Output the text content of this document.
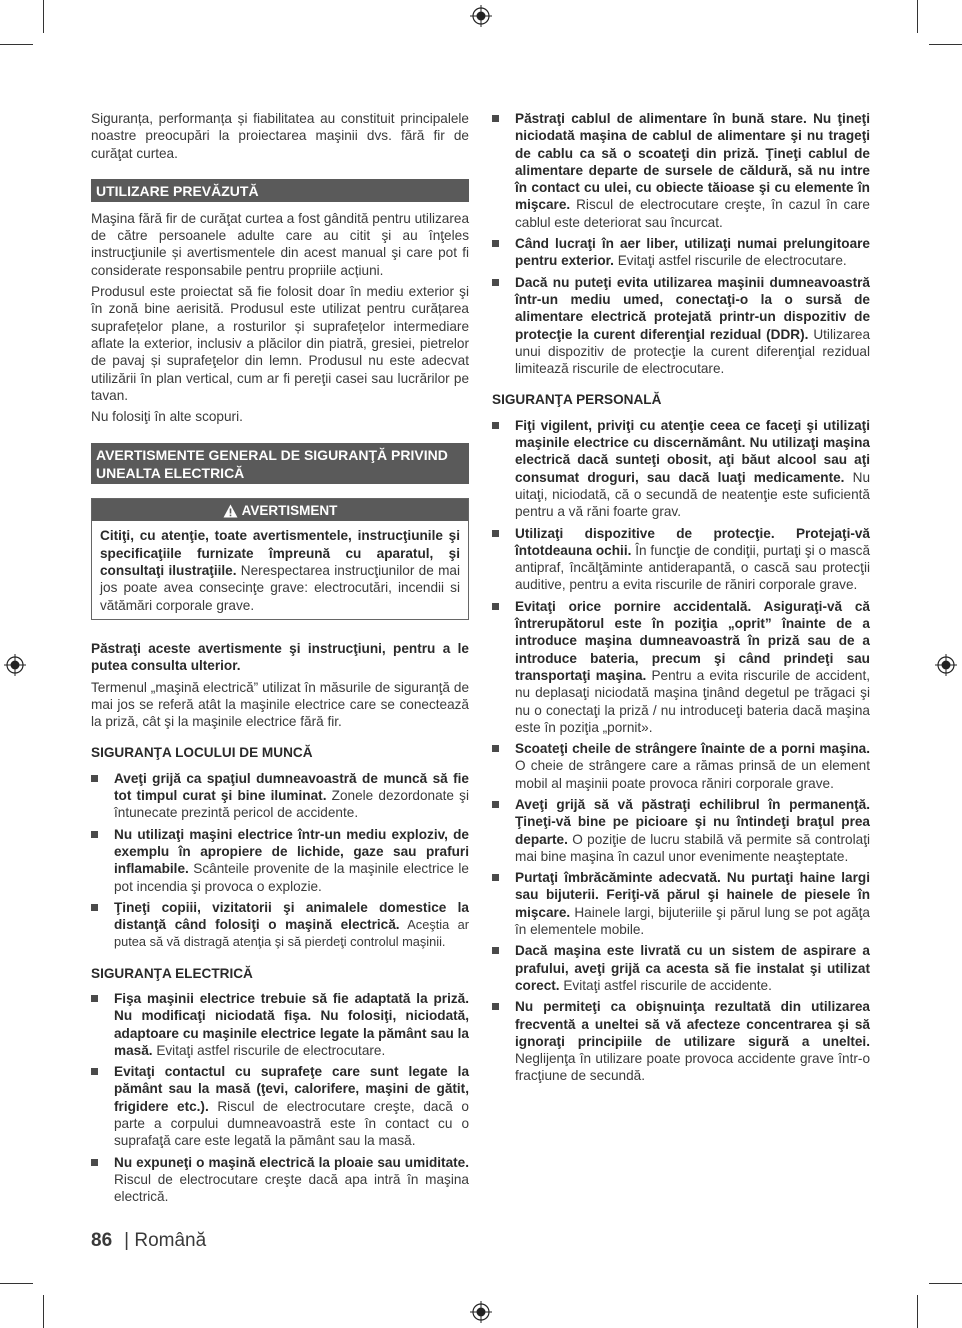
Siguranța, performanța și fiabilitatea au constituit principalele noastre preocupări la proiectarea maşinii dvs. fără fir de curăţat curtea.

UTILIZARE PREVĂZUTĂ

Maşina fără fir de curăţat curtea a fost gândită pentru utilizarea de către persoanele adulte care au citit şi au înţeles instrucţiunile și avertismentele din acest manual şi care pot fi considerate responsabile pentru propriile acțiuni.

Produsul este proiectat să fie folosit doar în mediu exterior şi în zonă bine aerisită. Produsul este utilizat pentru curățarea suprafețelor plane, a rosturilor și suprafețelor intermediare aflate la exterior, inclusiv a plăcilor din piatră, gresiei, pietrelor de pavaj și suprafeţelor din lemn. Produsul nu este adecvat utilizării în plan vertical, cum ar fi pereţii casei sau lucrărilor pe tavan.

Nu folosiţi în alte scopuri.

AVERTISMENTE GENERAL DE SIGURANŢĂ PRIVIND UNEALTA ELECTRICĂ
AVERTISMENT
Citiţi, cu atenţie, toate avertismentele, instrucţiunile şi specificaţiile furnizate împreună cu aparatul, şi consultaţi ilustraţiile. Nerespectarea instrucţiunilor de mai jos poate avea consecinţe grave: electrocutări, incendii si vătămări corporale grave.

Păstraţi aceste avertismente şi instrucţiuni, pentru a le putea consulta ulterior.

Termenul „maşină electrică” utilizat în măsurile de siguranţă de mai jos se referă atât la maşinile electrice care se conectează la priză, cât şi la maşinile electrice fără fir.

SIGURANŢA LOCULUI DE MUNCĂ
Aveţi grijă ca spaţiul dumneavoastră de muncă să fie tot timpul curat şi bine iluminat. Zonele dezordonate şi întunecate prezintă pericol de accidente.
Nu utilizaţi maşini electrice într-un mediu exploziv, de exemplu în apropiere de lichide, gaze sau prafuri inflamabile. Scânteile provenite de la maşinile electrice le pot incendia şi provoca o explozie.
Ţineţi copiii, vizitatorii şi animalele domestice la distanţă când folosiţi o maşină electrică. Aceştia ar putea să vă distragă atenţia şi să pierdeţi controlul maşinii.
SIGURANŢA ELECTRICĂ
Fişa maşinii electrice trebuie să fie adaptată la priză. Nu modificaţi niciodată fişa. Nu folosiţi, niciodată, adaptoare cu maşinile electrice legate la pământ sau la masă. Evitaţi astfel riscurile de electrocutare.
Evitaţi contactul cu suprafeţe care sunt legate la pământ sau la masă (ţevi, calorifere, maşini de gătit, frigidere etc.). Riscul de electrocutare creşte, dacă o parte a corpului dumneavoastră este în contact cu o suprafaţă care este legată la pământ sau la masă.
Nu expuneţi o maşină electrică la ploaie sau umiditate. Riscul de electrocutare creşte dacă apa intră în maşina electrică.
Păstraţi cablul de alimentare în bună stare. Nu ţineţi niciodată maşina de cablul de alimentare şi nu trageţi de cablu ca să o scoateţi din priză. Ţineţi cablul de alimentare departe de sursele de căldură, să nu intre în contact cu ulei, cu obiecte tăioase şi cu elemente în mişcare. Riscul de electrocutare creşte, în cazul în care cablul este deteriorat sau încurcat.
Când lucraţi în aer liber, utilizaţi numai prelungitoare pentru exterior. Evitaţi astfel riscurile de electrocutare.
Dacă nu puteţi evita utilizarea maşinii dumneavoastră într-un mediu umed, conectaţi-o la o sursă de alimentare electrică protejată printr-un dispozitiv de protecţie la curent diferenţial rezidual (DDR). Utilizarea unui dispozitiv de protecţie la curent diferenţial rezidual limitează riscurile de electrocutare.
SIGURANŢA PERSONALĂ
Fiţi vigilent, priviţi cu atenţie ceea ce faceţi şi utilizaţi maşinile electrice cu discernământ. Nu utilizaţi maşina electrică dacă sunteţi obosit, aţi băut alcool sau aţi consumat droguri, sau dacă luaţi medicamente. Nu uitaţi, niciodată, că o secundă de neatenţie este suficientă pentru a vă răni foarte grav.
Utilizaţi dispozitive de protecţie. Protejaţi-vă întotdeauna ochii. În funcţie de condiţii, purtaţi şi o mască antipraf, încălţăminte antiderapantă, o cască sau protecţii auditive, pentru a evita riscurile de răniri corporale grave.
Evitaţi orice pornire accidentală. Asiguraţi-vă că întrerupătorul este în poziţia „oprit” înainte de a introduce maşina dumneavoastră în priză sau de a introduce bateria, precum şi când prindeţi sau transportaţi maşina. Pentru a evita riscurile de accident, nu deplasaţi niciodată maşina ţinând degetul pe trăgaci şi nu o conectaţi la priză / nu introduceţi bateria dacă maşina este în poziţia „pornit».
Scoateţi cheile de strângere înainte de a porni maşina. O cheie de strângere care a rămas prinsă de un element mobil al maşinii poate provoca răniri corporale grave.
Aveţi grijă să vă păstraţi echilibrul în permanenţă. Ţineţi-vă bine pe picioare şi nu întindeţi braţul prea departe. O poziţie de lucru stabilă vă permite să controlaţi mai bine maşina în cazul unor evenimente neaşteptate.
Purtaţi îmbrăcăminte adecvată. Nu purtaţi haine largi sau bijuterii. Feriţi-vă părul şi hainele de piesele în mişcare. Hainele largi, bijuteriile şi părul lung se pot agăţa în elementele mobile.
Dacă maşina este livrată cu un sistem de aspirare a prafului, aveţi grijă ca acesta să fie instalat şi utilizat corect. Evitaţi astfel riscurile de accidente.
Nu permiteţi ca obişnuinţa rezultată din utilizarea frecventă a uneltei să vă afecteze concentrarea şi să ignoraţi principiile de utilizare sigură a uneltei. Neglijenţa în utilizare poate provoca accidente grave într-o fracţiune de secundă.
86 | Română
